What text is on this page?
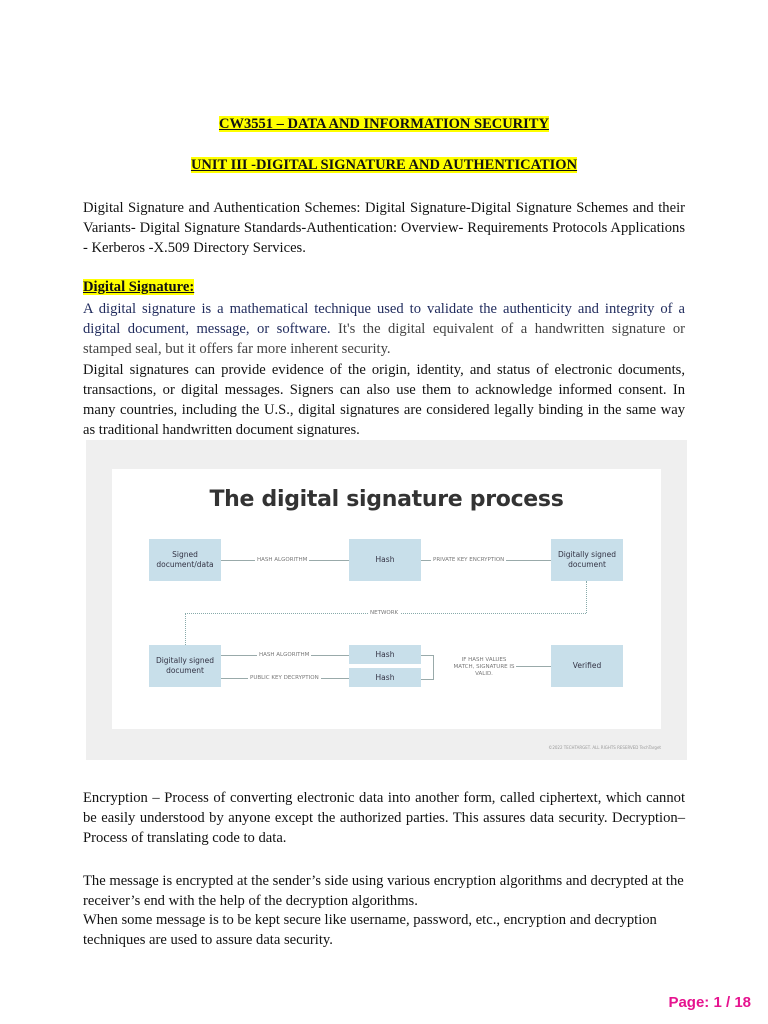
CW3551 – DATA AND INFORMATION SECURITY
UNIT III -DIGITAL SIGNATURE AND AUTHENTICATION

Digital Signature and Authentication Schemes: Digital Signature-Digital Signature Schemes and their Variants- Digital Signature Standards-Authentication: Overview- Requirements Protocols Applications - Kerberos -X.509 Directory Services.

Digital Signature:

A digital signature is a mathematical technique used to validate the authenticity and integrity of a digital document, message, or software. It's the digital equivalent of a handwritten signature or stamped seal, but it offers far more inherent security.

Digital signatures can provide evidence of the origin, identity, and status of electronic documents, transactions, or digital messages. Signers can also use them to acknowledge informed consent. In many countries, including the U.S., digital signatures are considered legally binding in the same way as traditional handwritten document signatures.

The digital signature process
Signed document/data	HASH ALGORITHM	Hash	PRIVATE KEY ENCRYPTION
Digitally signed document
NETWORK
Digitally signed document
HASH ALGORITHM
PUBLIC KEY DECRYPTION
Hash
Hash
IF HASH VALUES MATCH, SIGNATURE IS VALID.
Verified
©2022 TECHTARGET. ALL RIGHTS RESERVED TechTarget

Encryption – Process of converting electronic data into another form, called ciphertext, which cannot be easily understood by anyone except the authorized parties. This assures data security. Decryption– Process of translating code to data.

The message is encrypted at the sender’s side using various encryption algorithms and decrypted at the receiver’s end with the help of the decryption algorithms.

When some message is to be kept secure like username, password, etc., encryption and decryption techniques are used to assure data security.

Page: 1 / 18
